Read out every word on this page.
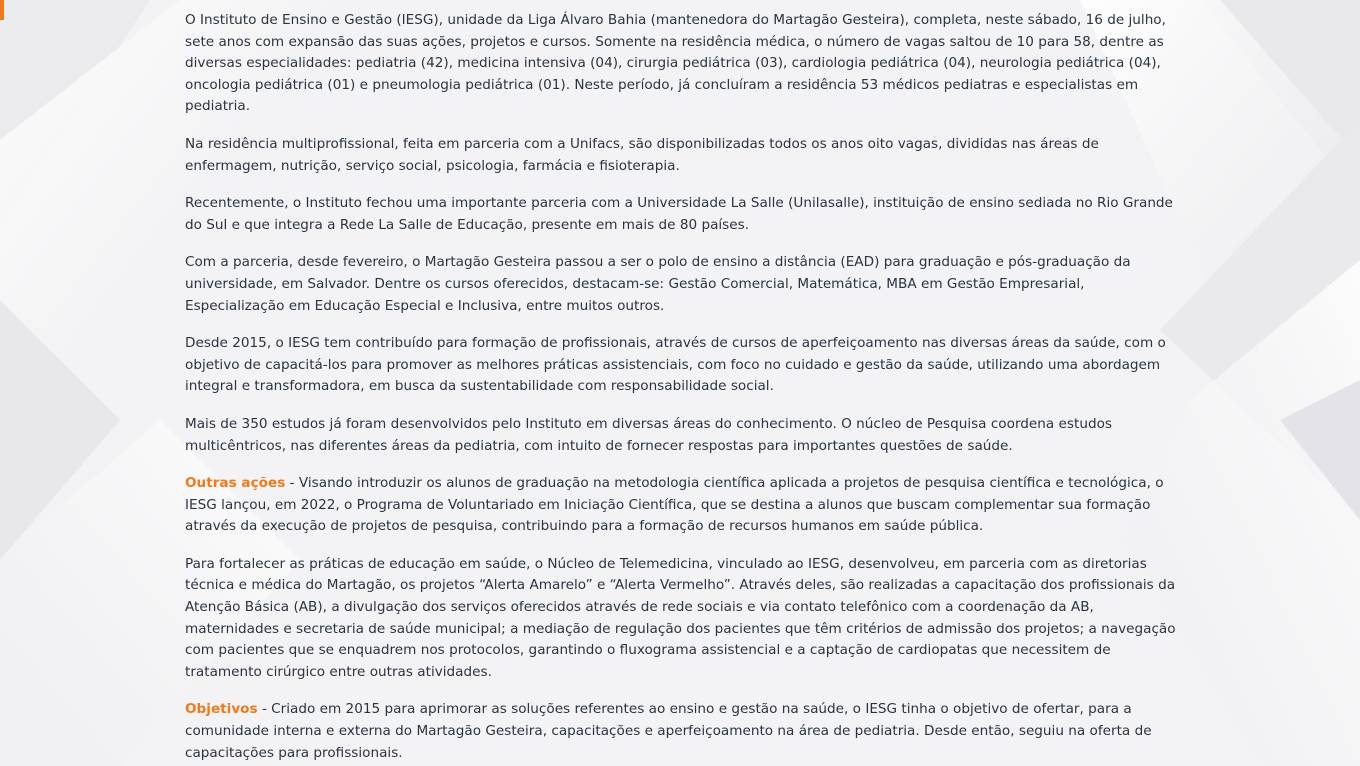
O Instituto de Ensino e Gestão (IESG), unidade da Liga Álvaro Bahia (mantenedora do Martagão Gesteira), completa, neste sábado, 16 de julho, sete anos com expansão das suas ações, projetos e cursos. Somente na residência médica, o número de vagas saltou de 10 para 58, dentre as diversas especialidades: pediatria (42), medicina intensiva (04), cirurgia pediátrica (03), cardiologia pediátrica (04), neurologia pediátrica (04), oncologia pediátrica (01) e pneumologia pediátrica (01). Neste período, já concluíram a residência 53 médicos pediatras e especialistas em pediatria.

Na residência multiprofissional, feita em parceria com a Unifacs, são disponibilizadas todos os anos oito vagas, divididas nas áreas de enfermagem, nutrição, serviço social, psicologia, farmácia e fisioterapia.

Recentemente, o Instituto fechou uma importante parceria com a Universidade La Salle (Unilasalle), instituição de ensino sediada no Rio Grande do Sul e que integra a Rede La Salle de Educação, presente em mais de 80 países.

Com a parceria, desde fevereiro, o Martagão Gesteira passou a ser o polo de ensino a distância (EAD) para graduação e pós-graduação da universidade, em Salvador. Dentre os cursos oferecidos, destacam-se: Gestão Comercial, Matemática, MBA em Gestão Empresarial, Especialização em Educação Especial e Inclusiva, entre muitos outros.

Desde 2015, o IESG tem contribuído para formação de profissionais, através de cursos de aperfeiçoamento nas diversas áreas da saúde, com o objetivo de capacitá-los para promover as melhores práticas assistenciais, com foco no cuidado e gestão da saúde, utilizando uma abordagem integral e transformadora, em busca da sustentabilidade com responsabilidade social.

Mais de 350 estudos já foram desenvolvidos pelo Instituto em diversas áreas do conhecimento. O núcleo de Pesquisa coordena estudos multicêntricos, nas diferentes áreas da pediatria, com intuito de fornecer respostas para importantes questões de saúde.

Outras ações - Visando introduzir os alunos de graduação na metodologia científica aplicada a projetos de pesquisa científica e tecnológica, o IESG lançou, em 2022, o Programa de Voluntariado em Iniciação Científica, que se destina a alunos que buscam complementar sua formação através da execução de projetos de pesquisa, contribuindo para a formação de recursos humanos em saúde pública.

Para fortalecer as práticas de educação em saúde, o Núcleo de Telemedicina, vinculado ao IESG, desenvolveu, em parceria com as diretorias técnica e médica do Martagão, os projetos “Alerta Amarelo” e “Alerta Vermelho”. Através deles, são realizadas a capacitação dos profissionais da Atenção Básica (AB), a divulgação dos serviços oferecidos através de rede sociais e via contato telefônico com a coordenação da AB, maternidades e secretaria de saúde municipal; a mediação de regulação dos pacientes que têm critérios de admissão dos projetos; a navegação com pacientes que se enquadrem nos protocolos, garantindo o fluxograma assistencial e a captação de cardiopatas que necessitem de tratamento cirúrgico entre outras atividades.

Objetivos - Criado em 2015 para aprimorar as soluções referentes ao ensino e gestão na saúde, o IESG tinha o objetivo de ofertar, para a comunidade interna e externa do Martagão Gesteira, capacitações e aperfeiçoamento na área de pediatria. Desde então, seguiu na oferta de capacitações para profissionais.
